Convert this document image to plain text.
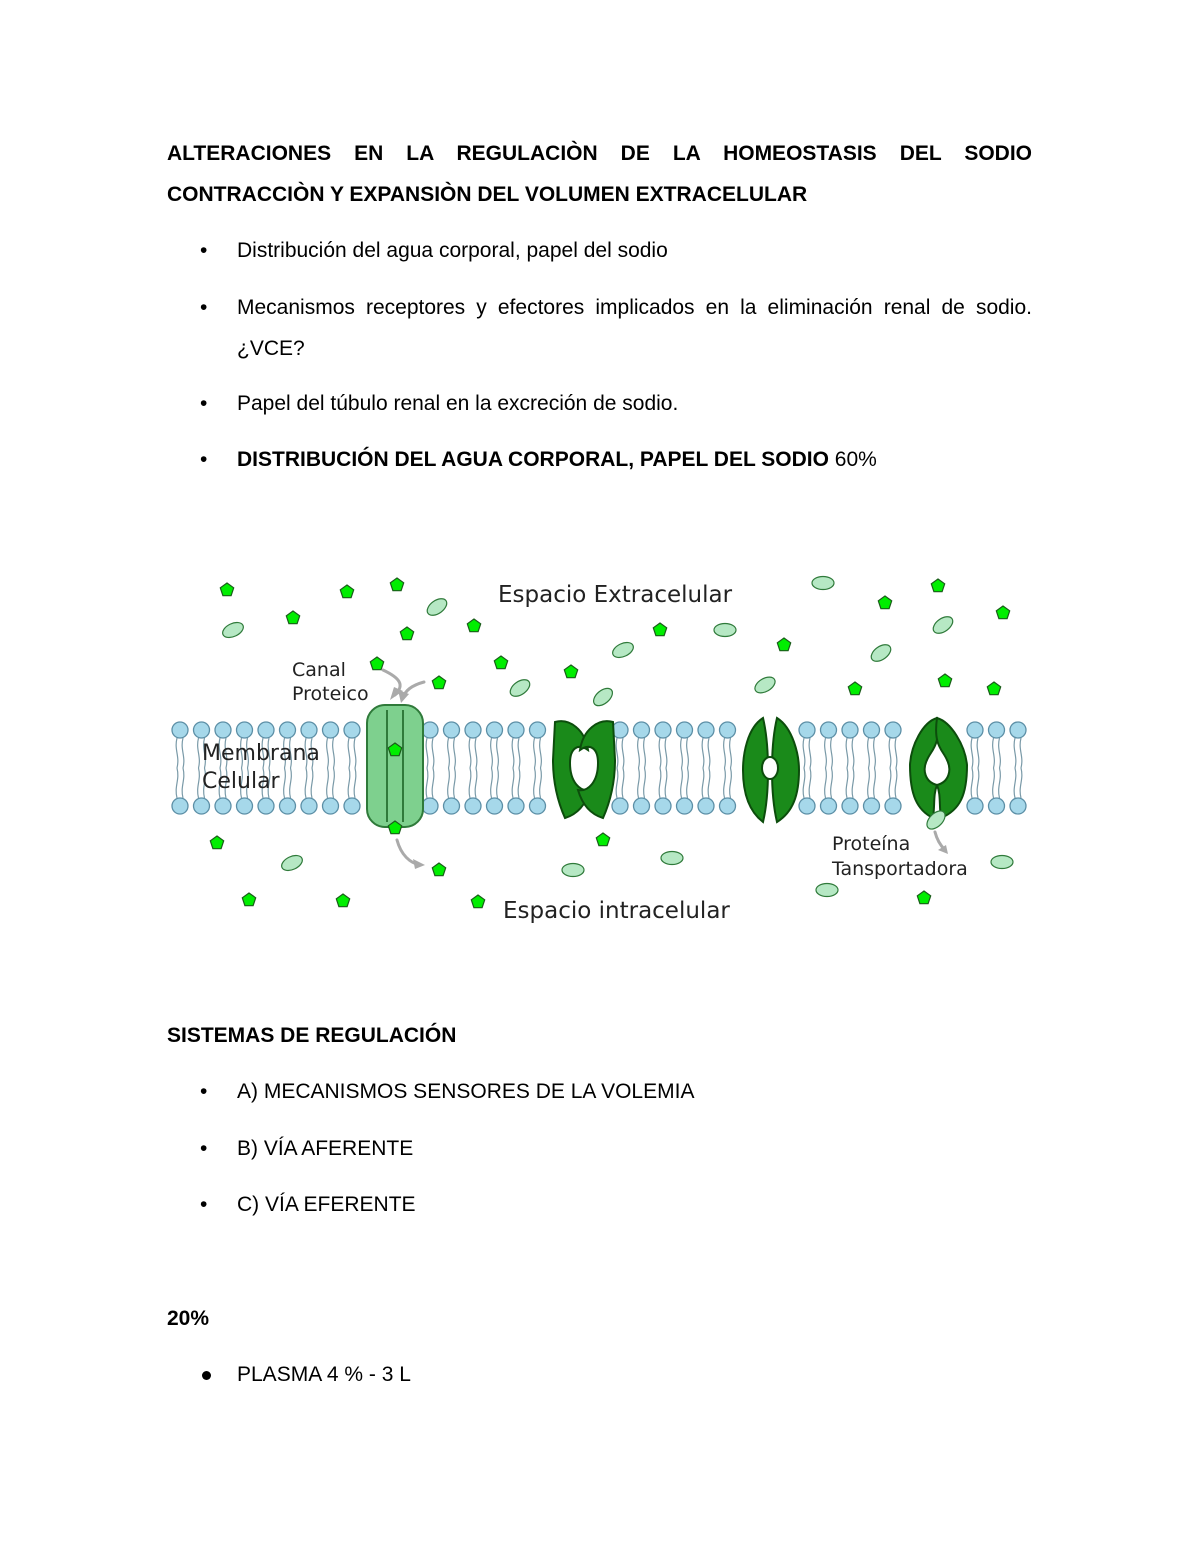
ALTERACIONES EN LA REGULACIÒN DE LA HOMEOSTASIS DEL SODIO
CONTRACCIÒN Y EXPANSIÒN DEL VOLUMEN EXTRACELULAR
•	Distribución del agua corporal, papel del sodio
•	Mecanismos receptores y efectores implicados en la eliminación renal de sodio. ¿VCE?
•	Papel del túbulo renal en la excreción de sodio.
•	DISTRIBUCIÓN DEL AGUA CORPORAL, PAPEL DEL SODIO 60%
Espacio Extracelular
Espacio intracelular
Canal
Proteico
Membrana
Celular
Proteína
Tansportadora
SISTEMAS DE REGULACIÓN
•	A) MECANISMOS SENSORES DE LA VOLEMIA
•	B) VÍA AFERENTE
•	C) VÍA EFERENTE
20%
PLASMA 4 % - 3 L
